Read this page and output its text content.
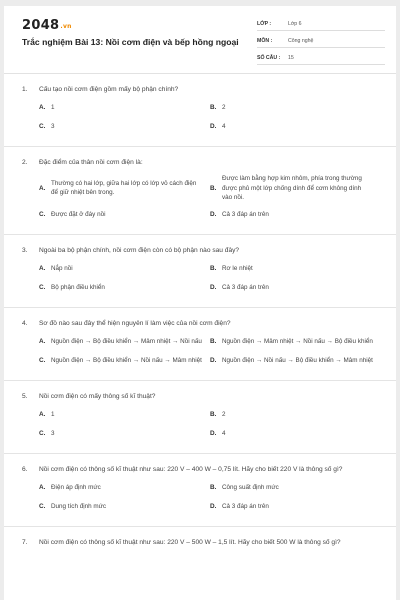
2048.vn
Trắc nghiệm Bài 13: Nồi cơm điện và bếp hồng ngoại
LỚP :	Lớp 6
MÔN :	Công nghệ
SỐ CÂU :	15
1.	Cấu tạo nồi cơm điện gồm mấy bộ phận chính?
A. 1	B. 2
C. 3	D. 4
2.	Đặc điểm của thân nồi cơm điện là:
A.
Thường có hai lớp, giữa hai lớp có lớp vỏ cách điện để giữ nhiệt bên trong.
B.
Được làm bằng hợp kim nhôm, phía trong thường được phủ một lớp chống dính để cơm không dính vào nồi.
C. Được đặt ở đáy nồi	D. Cả 3 đáp án trên
3.	Ngoài ba bộ phận chính, nồi cơm điện còn có bộ phận nào sau đây?
A. Nắp nồi	B. Rơ le nhiệt
C. Bộ phận điều khiển	D. Cả 3 đáp án trên
4.	Sơ đồ nào sau đây thể hiện nguyên lí làm việc của nồi cơm điện?
A. Nguồn điện → Bộ điều khiển → Mâm nhiệt → Nồi nấu	B. Nguồn điện → Mâm nhiệt → Nồi nấu → Bộ điều khiển
C. Nguồn điện → Bộ điều khiển → Nồi nấu → Mâm nhiệt	D. Nguồn điện → Nồi nấu → Bộ điều khiển → Mâm nhiệt
5.	Nồi cơm điện có mấy thông số kĩ thuật?
A. 1	B. 2
C. 3	D. 4
6.	Nồi cơm điện có thông số kĩ thuật như sau: 220 V – 400 W – 0,75 lít. Hãy cho biết 220 V là thông số gì?
A. Điện áp định mức	B. Công suất định mức
C. Dung tích định mức	D. Cả 3 đáp án trên
7.	Nồi cơm điện có thông số kĩ thuật như sau: 220 V – 500 W – 1,5 lít. Hãy cho biết 500 W là thông số gì?
